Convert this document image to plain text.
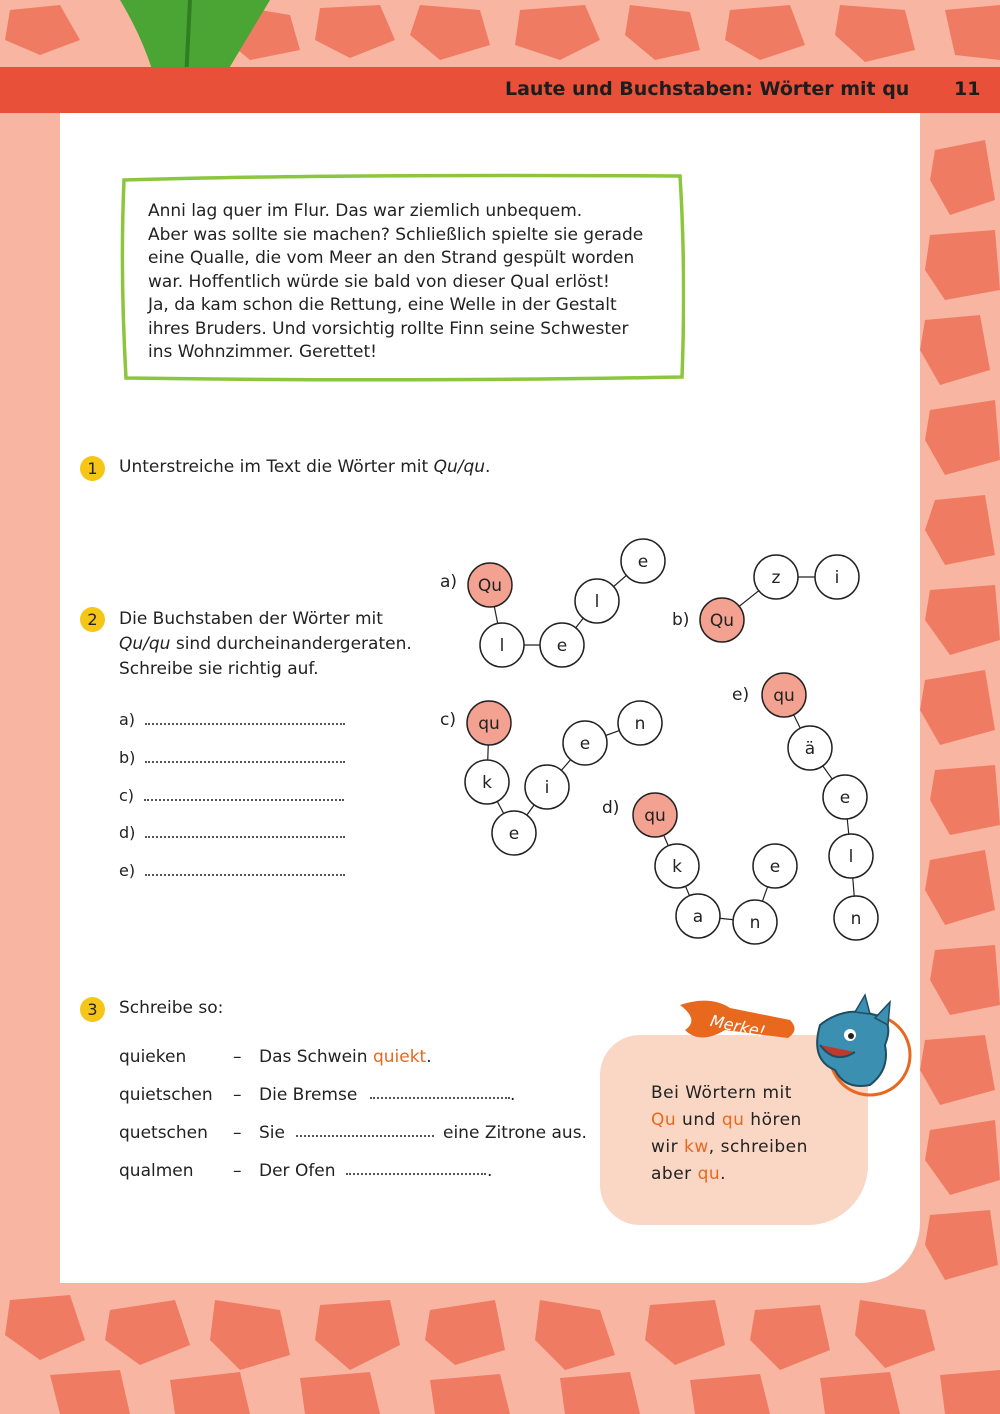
Laute und Buchstaben: Wörter mit qu 11
Anni lag quer im Flur. Das war ziemlich unbequem.
Aber was sollte sie machen? Schließlich spielte sie gerade
eine Qualle, die vom Meer an den Strand gespült worden
war. Hoffentlich würde sie bald von dieser Qual erlöst!
Ja, da kam schon die Rettung, eine Welle in der Gestalt
ihres Bruders. Und vorsichtig rollte Finn seine Schwester
ins Wohnzimmer. Gerettet!
1	Unterstreiche im Text die Wörter mit Qu/qu.
2	Die Buchstaben der Wörter mit
Qu/qu sind durcheinandergeraten.
Schreibe sie richtig auf.
a)
b)
c)
d)
e)
a) Qu
l	e
l
e
b) Qu
z	i
c) qu
k	i
e
e
n
d) qu
k
a	n
e
e) qu
ä
e
l
n
3	Schreibe so:
quieken	– Das Schwein quiekt.
quietschen – Die Bremse	.
quetschen – Sie	eine Zitrone aus.
qualmen – Der Ofen	.
Merke!
Bei Wörtern mit
Qu und qu hören
wir kw, schreiben
aber qu.
